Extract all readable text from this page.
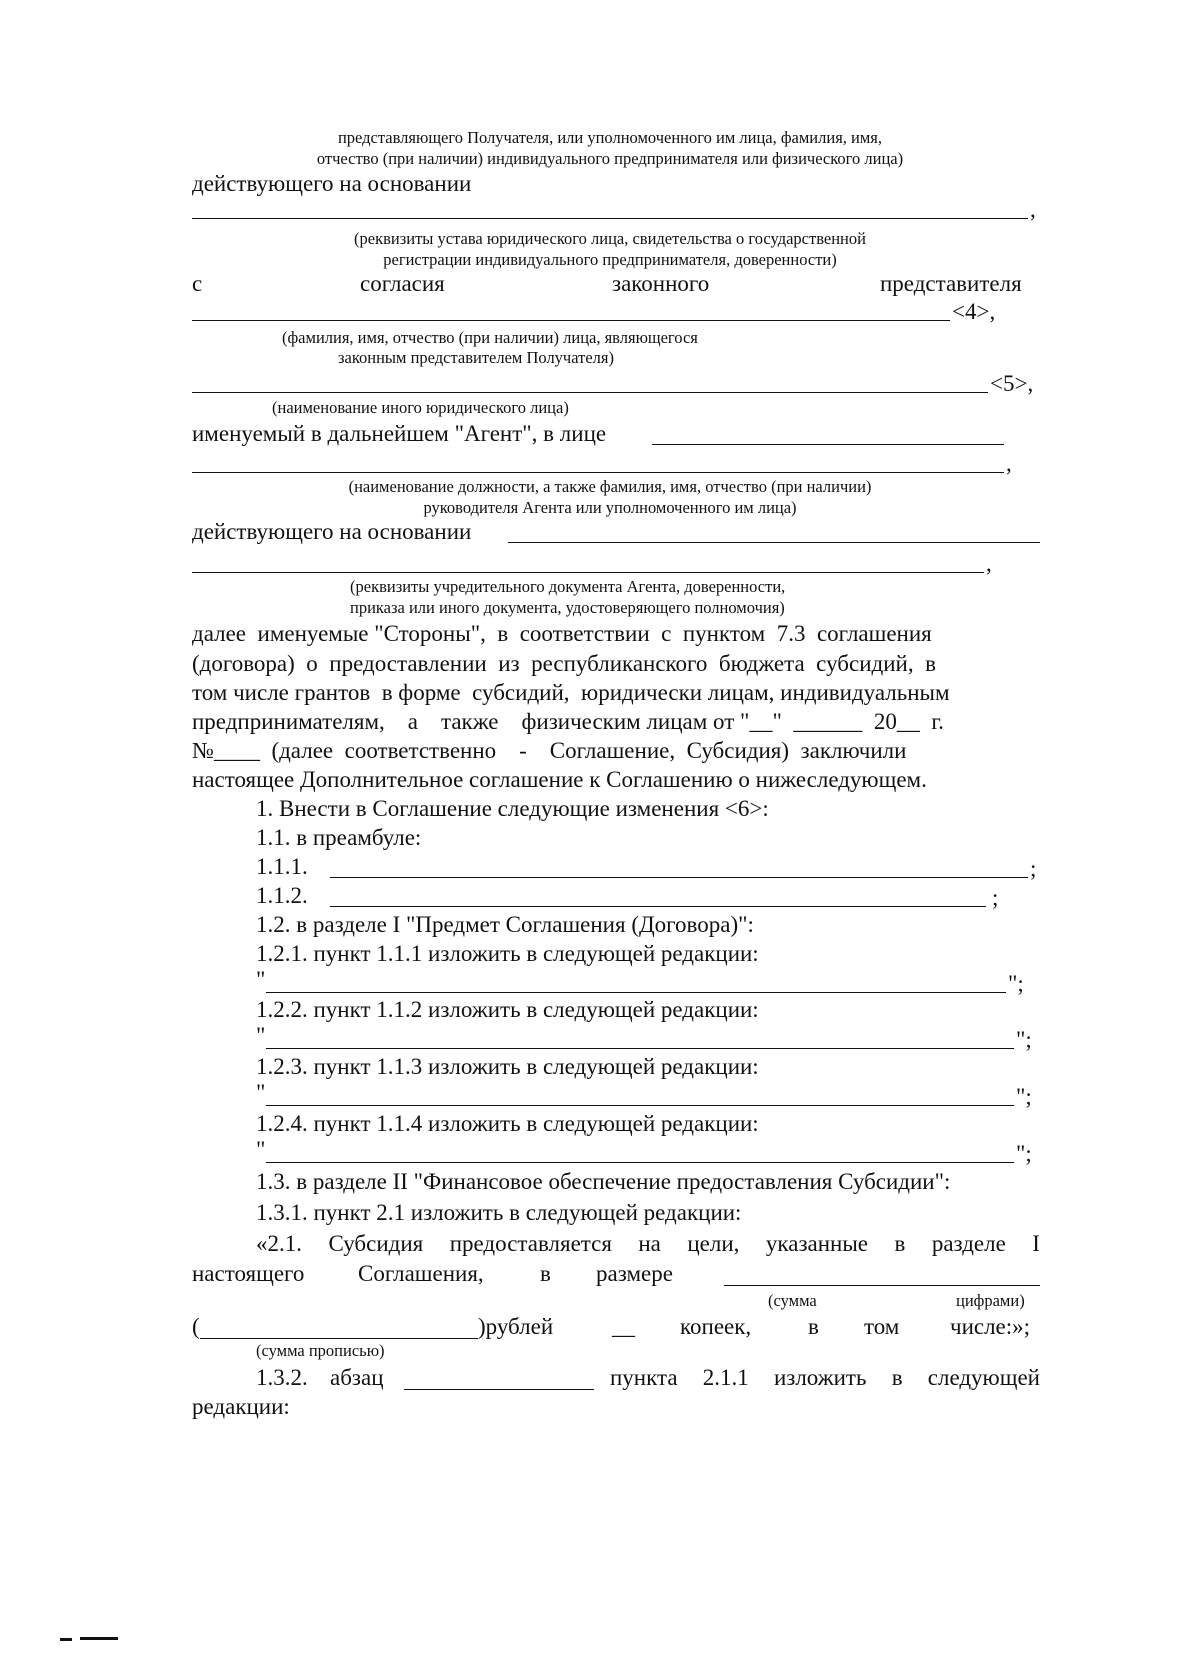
представляющего Получателя, или уполномоченного им лица, фамилия, имя,
отчество (при наличии) индивидуального предпринимателя или физического лица)
действующего на основании
,
(реквизиты устава юридического лица, свидетельства о государственной
регистрации индивидуального предпринимателя, доверенности)
с	согласия	законного	представителя
<4>,
(фамилия, имя, отчество (при наличии) лица, являющегося
законным представителем Получателя)
<5>,
(наименование иного юридического лица)
именуемый в дальнейшем "Агент", в лице
,
(наименование должности, а также фамилия, имя, отчество (при наличии)
руководителя Агента или уполномоченного им лица)
действующего на основании
,
(реквизиты учредительного документа Агента, доверенности,
приказа или иного документа, удостоверяющего полномочия)
далее  именуемые "Стороны",  в  соответствии  с  пунктом  7.3  соглашения
(договора)  о  предоставлении  из  республиканского  бюджета  субсидий,  в
том числе грантов  в форме  субсидий,  юридически лицам, индивидуальным
предпринимателям,    а    также    физическим лицам от "__"  ______  20__  г.
№____  (далее  соответственно    -    Соглашение,  Субсидия)  заключили
настоящее Дополнительное соглашение к Соглашению о нижеследующем.
1. Внести в Соглашение следующие изменения <6>:
1.1. в преамбуле:
1.1.1.	;
1.1.2.	;
1.2. в разделе I "Предмет Соглашения (Договора)":
1.2.1. пункт 1.1.1 изложить в следующей редакции:
"	";
1.2.2. пункт 1.1.2 изложить в следующей редакции:
"	";
1.2.3. пункт 1.1.3 изложить в следующей редакции:
"	";
1.2.4. пункт 1.1.4 изложить в следующей редакции:
"	";
1.3. в разделе II "Финансовое обеспечение предоставления Субсидии":
1.3.1. пункт 2.1 изложить в следующей редакции:
«2.1. Субсидия предоставляется на цели, указанные в разделе I
настоящего Соглашения, в размере
(сумма	цифрами)
(	)рублей	__ копеек, в том числе:»;
(сумма прописью)
1.3.2. абзац	пункта 2.1.1 изложить в следующей
редакции:
